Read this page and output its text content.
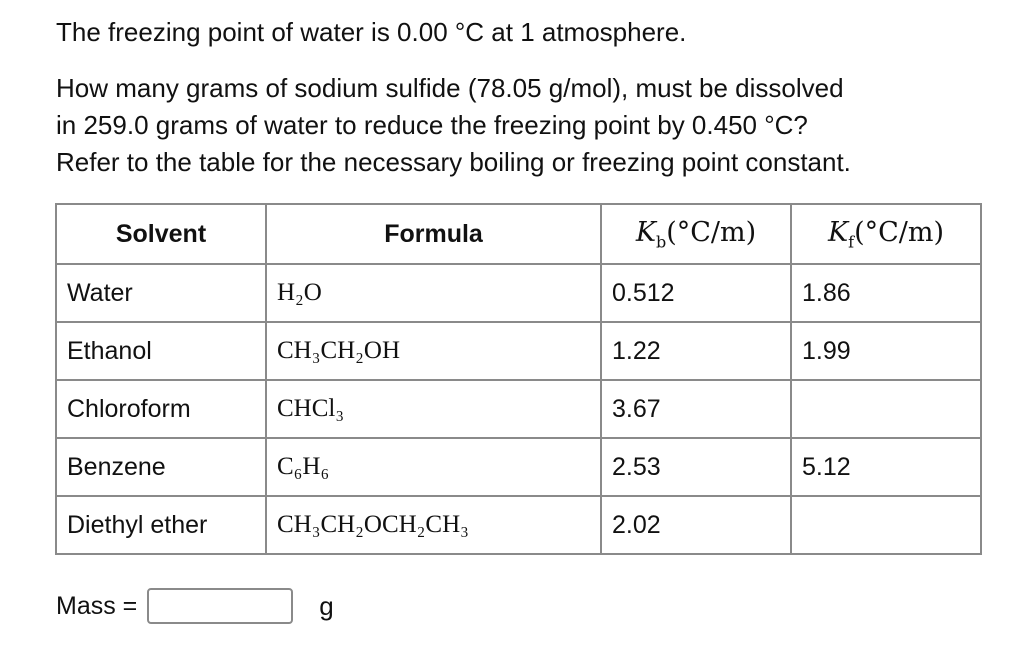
The freezing point of water is 0.00 °C at 1 atmosphere.

How many grams of sodium sulfide (78.05 g/mol), must be dissolved
in 259.0 grams of water to reduce the freezing point by 0.450 °C?
Refer to the table for the necessary boiling or freezing point constant.

Solvent	Formula	$K_b(^\circ C/m)$	$K_f(^\circ C/m)$
Water	H₂O	0.512	1.86
Ethanol	CH₃CH₂OH	1.22	1.99
Chloroform	CHCl₃	3.67	
Benzene	C₆H₆	2.53	5.12
Diethyl ether	CH₃CH₂OCH₂CH₃	2.02	
Mass =	g
